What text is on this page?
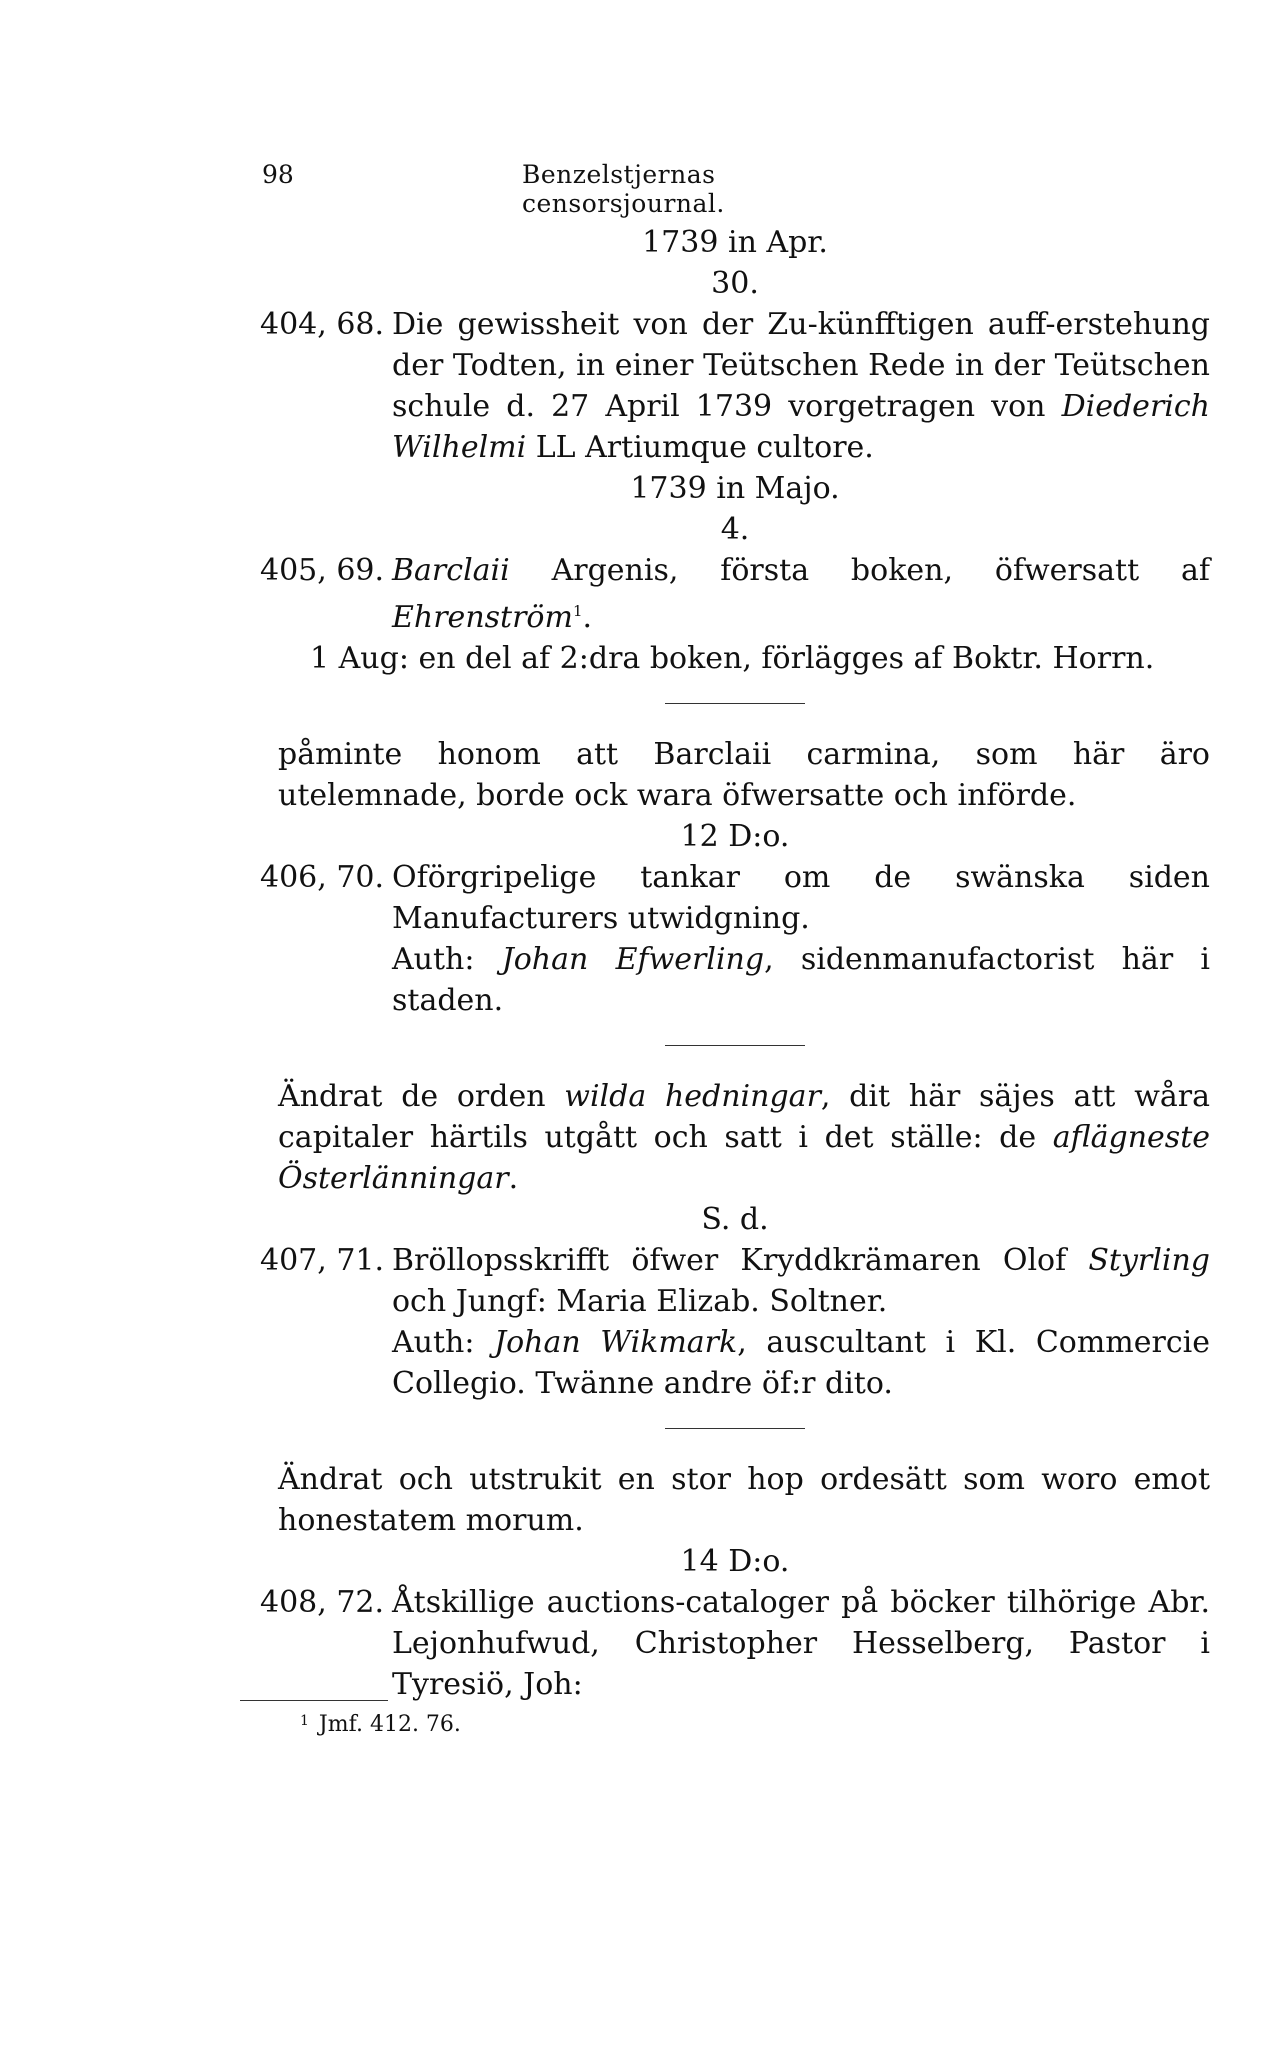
98	Benzelstjernas censorsjournal.
1739 in Apr.
30.
404, 68. Die gewissheit von der Zu-künfftigen auff-erstehung der Todten, in einer Teütschen Rede in der Teütschen schule d. 27 April 1739 vorgetragen von Diederich Wilhelmi LL Artiumque cultore.
1739 in Majo.
4.
405, 69. Barclaii Argenis, första boken, öfwersatt af Ehrenström$^1$.
1 Aug: en del af 2:dra boken, förlägges af Boktr. Horrn.
påminte honom att Barclaii carmina, som här äro utelemnade, borde ock wara öfwersatte och införde.
12 D:o.
406, 70. Oförgripelige tankar om de swänska siden Manufacturers utwidgning.
Auth: Johan Efwerling, sidenmanufactorist här i staden.
Ändrat de orden wilda hedningar, dit här säjes att wåra capitaler härtils utgått och satt i det ställe: de aflägneste Österlänningar.
S. d.
407, 71. Bröllopsskrifft öfwer Kryddkrämaren Olof Styrling och Jungf: Maria Elizab. Soltner.
Auth: Johan Wikmark, auscultant i Kl. Commercie Collegio. Twänne andre öf:r dito.
Ändrat och utstrukit en stor hop ordesätt som woro emot honestatem morum.
14 D:o.
408, 72. Åtskillige auctions-cataloger på böcker tilhörige Abr. Lejonhufwud, Christopher Hesselberg, Pastor i Tyresiö, Joh:
$^1$ Jmf. 412. 76.
